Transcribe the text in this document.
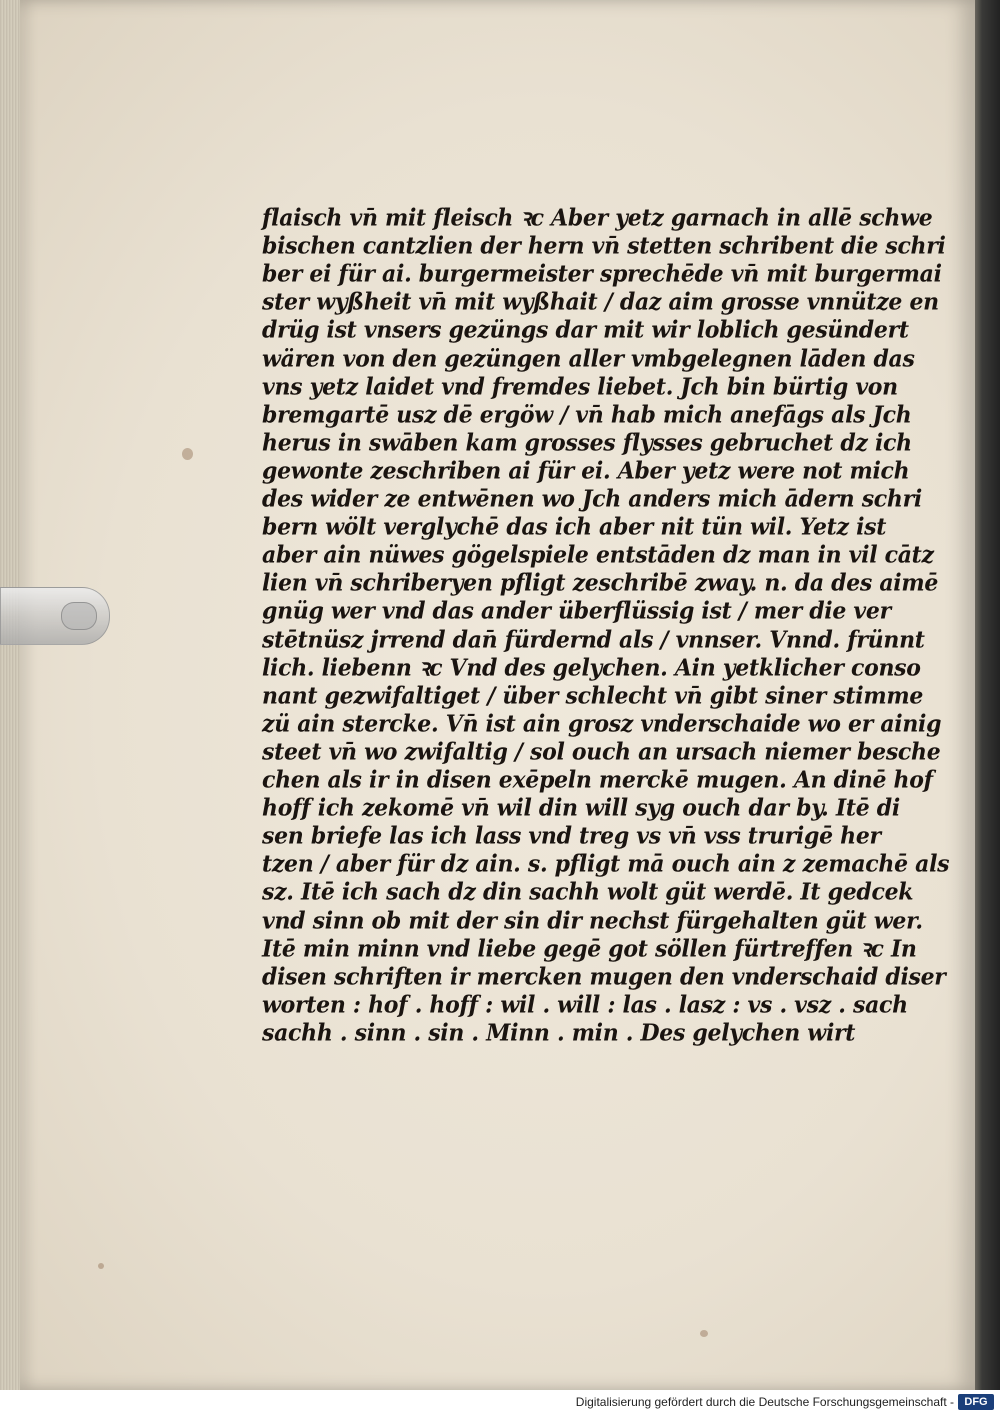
flaisch vn̄ mit fleisch ꝛc Aber yetz garnach in allē schwe
bischen cantzlien der hern vn̄ stetten schribent die schri
ber ei für ai. burgermeister sprechēde vn̄ mit burgermai
ster wyßheit vn̄ mit wyßhait / daz aim grosse vnnütze en
drüg ist vnsers gezüngs dar mit wir loblich gesündert
wären von den gezüngen aller vmbgelegnen lāden das
vns yetz laidet vnd fremdes liebet. Jch bin bürtig von
bremgartē usz dē ergöw / vn̄ hab mich anefāgs als Jch
herus in swāben kam grosses flysses gebruchet dz ich
gewonte zeschriben ai für ei. Aber yetz were not mich
des wider ze entwēnen wo Jch anders mich ādern schri
bern wölt verglychē das ich aber nit tün wil. Yetz ist
aber ain nüwes gögelspiele entstāden dz man in vil cātz
lien vn̄ schriberyen pfligt zeschribē zway. n. da des aimē
gnüg wer vnd das ander überflüssig ist / mer die ver
stētnüsz jrrend dan̄ fürdernd als / vnnser. Vnnd. frünnt
lich. liebenn ꝛc Vnd des gelychen. Ain yetklicher conso
nant gezwifaltiget / über schlecht vn̄ gibt siner stimme
zü ain stercke. Vn̄ ist ain grosz vnderschaide wo er ainig
steet vn̄ wo zwifaltig / sol ouch an ursach niemer besche
chen als ir in disen exēpeln merckē mugen. An dinē hof
hoff ich zekomē vn̄ wil din will syg ouch dar by. Itē di
sen briefe las ich lass vnd treg vs vn̄ vss trurigē her
tzen / aber für dz ain. s. pfligt mā ouch ain z zemachē als
sz. Itē ich sach dz din sachh wolt güt werdē. It gedcek
vnd sinn ob mit der sin dir nechst fürgehalten güt wer.
Itē min minn vnd liebe gegē got söllen fürtreffen ꝛc In
disen schriften ir mercken mugen den vnderschaid diser
worten : hof . hoff : wil . will : las . lasz : vs . vsz . sach
sachh . sinn . sin . Minn . min . Des gelychen wirt
Digitalisierung gefördert durch die Deutsche Forschungsgemeinschaft - DFG
